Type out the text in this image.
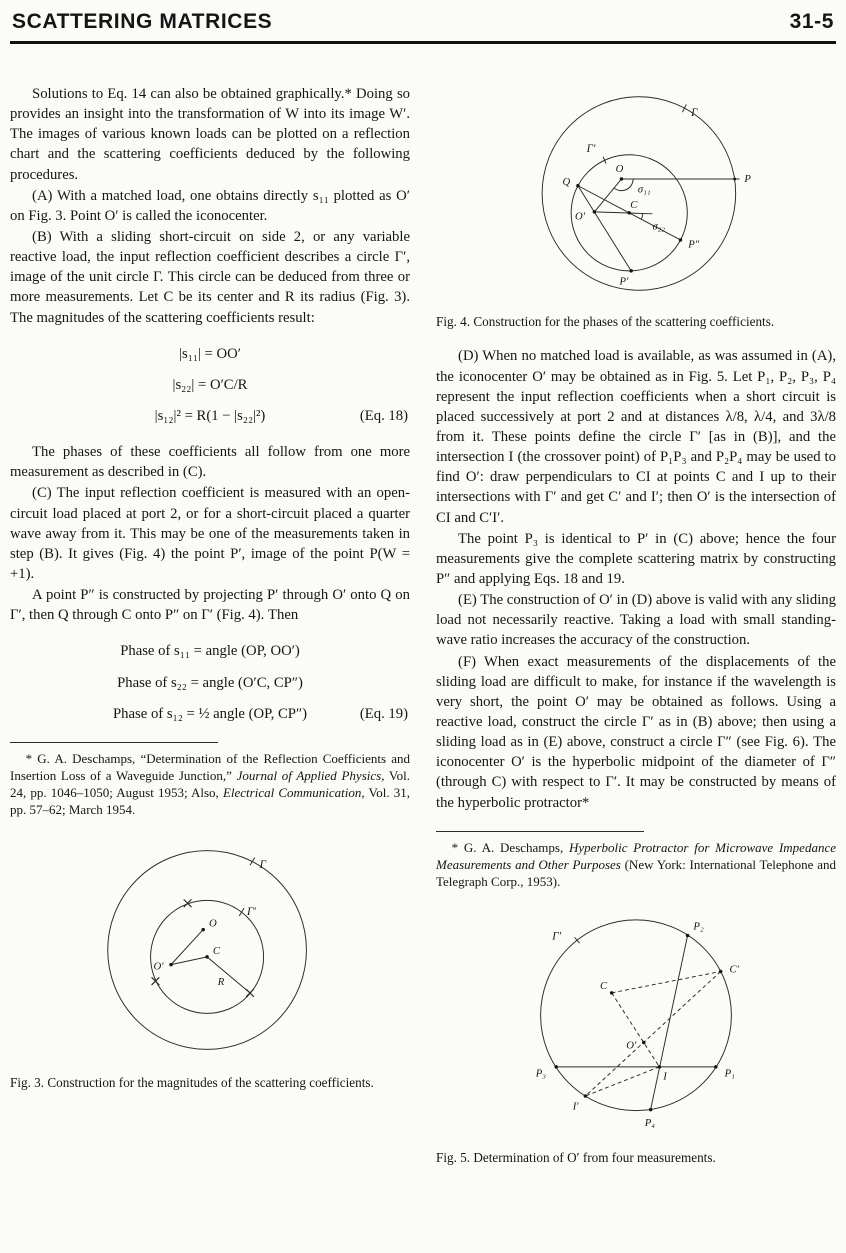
SCATTERING MATRICES	31-5

Solutions to Eq. 14 can also be obtained graphically.* Doing so provides an insight into the transformation of W into its image W′. The images of various known loads can be plotted on a reflection chart and the scattering coefficients deduced by the following procedures.

(A) With a matched load, one obtains directly s₁₁ plotted as O′ on Fig. 3. Point O′ is called the iconocenter.

(B) With a sliding short-circuit on side 2, or any variable reactive load, the input reflection coefficient describes a circle Γ′, image of the unit circle Γ. This circle can be deduced from three or more measurements. Let C be its center and R its radius (Fig. 3). The magnitudes of the scattering coefficients result:

|s₁₁| = OO′
|s₂₂| = O′C/R
|s₁₂|² = R(1 − |s₂₂|²)	(Eq. 18)

The phases of these coefficients all follow from one more measurement as described in (C).

(C) The input reflection coefficient is measured with an open-circuit load placed at port 2, or for a short-circuit placed a quarter wave away from it. This may be one of the measurements taken in step (B). It gives (Fig. 4) the point P′, image of the point P(W = +1).

A point P″ is constructed by projecting P′ through O′ onto Q on Γ′, then Q through C onto P″ on Γ′ (Fig. 4). Then

Phase of s₁₁ = angle (OP, OO′)
Phase of s₂₂ = angle (O′C, CP″)
Phase of s₁₂ = ½ angle (OP, CP″)	(Eq. 19)

* G. A. Deschamps, “Determination of the Reflection Coefficients and Insertion Loss of a Waveguide Junction,” Journal of Applied Physics, Vol. 24, pp. 1046–1050; August 1953; Also, Electrical Communication, Vol. 31, pp. 57–62; March 1954.

Γ
Γ′
O
O′
C
R
Fig. 3. Construction for the magnitudes of the scattering coefficients.
Γ
Γ′
Q
O
σ₁₁
P
O′
C
σ₂₂
P′
P″
Fig. 4. Construction for the phases of the scattering coefficients.

(D) When no matched load is available, as was assumed in (A), the iconocenter O′ may be obtained as in Fig. 5. Let P₁, P₂, P₃, P₄ represent the input reflection coefficients when a short circuit is placed successively at port 2 and at distances λ/8, λ/4, and 3λ/8 from it. These points define the circle Γ′ [as in (B)], and the intersection I (the crossover point) of P₁P₃ and P₂P₄ may be used to find O′: draw perpendiculars to CI at points C and I up to their intersections with Γ′ and get C′ and I′; then O′ is the intersection of CI and C′I′.

The point P₃ is identical to P′ in (C) above; hence the four measurements give the complete scattering matrix by constructing P″ and applying Eqs. 18 and 19.

(E) The construction of O′ in (D) above is valid with any sliding load not necessarily reactive. Taking a load with small standing-wave ratio increases the accuracy of the construction.

(F) When exact measurements of the displacements of the sliding load are difficult to make, for instance if the wavelength is very short, the point O′ may be obtained as follows. Using a reactive load, construct the circle Γ′ as in (B) above; then using a sliding load as in (E) above, construct a circle Γ″ (see Fig. 6). The iconocenter O′ is the hyperbolic midpoint of the diameter of Γ″ (through C) with respect to Γ′. It may be constructed by means of the hyperbolic protractor*

* G. A. Deschamps, Hyperbolic Protractor for Microwave Impedance Measurements and Other Purposes (New York: International Telephone and Telegraph Corp., 1953).

Γ′
P₂
C′
P₁
P₃
P₄
I′
C
O′
I
Fig. 5. Determination of O′ from four measurements.
